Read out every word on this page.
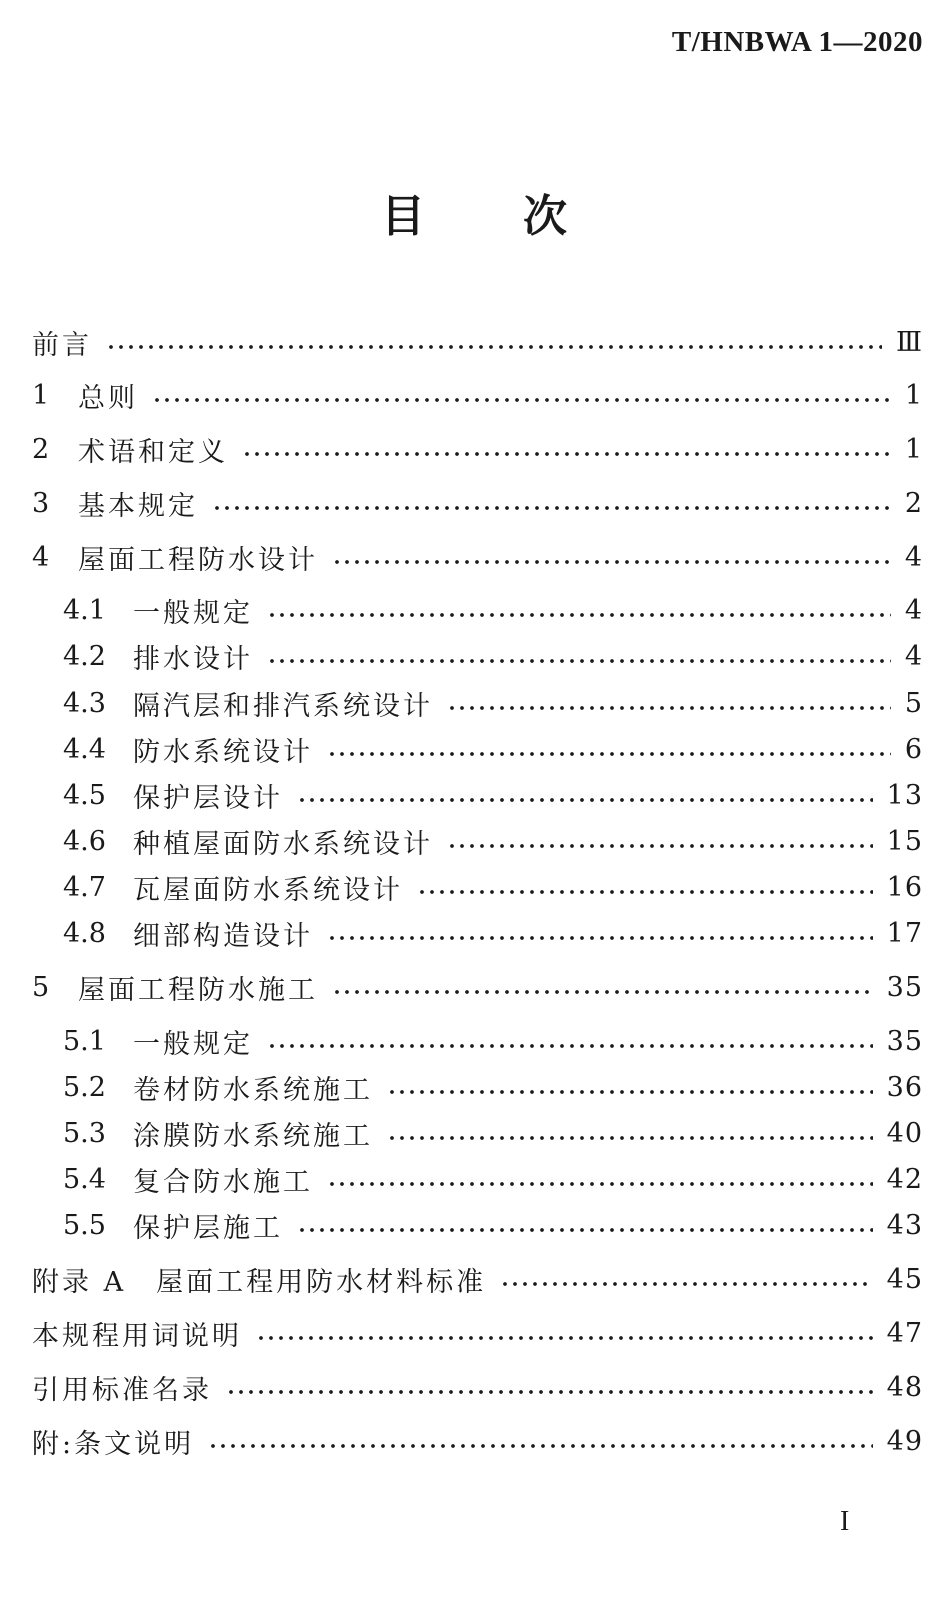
T/HNBWA 1—2020
目 次
前言	Ⅲ
1	总则	1
2	术语和定义	1
3	基本规定	2
4	屋面工程防水设计	4
4.1	一般规定	4
4.2	排水设计	4
4.3	隔汽层和排汽系统设计	5
4.4	防水系统设计	6
4.5	保护层设计	13
4.6	种植屋面防水系统设计	15
4.7	瓦屋面防水系统设计	16
4.8	细部构造设计	17
5	屋面工程防水施工	35
5.1	一般规定	35
5.2	卷材防水系统施工	36
5.3	涂膜防水系统施工	40
5.4	复合防水施工	42
5.5	保护层施工	43
附录 A　屋面工程用防水材料标准	45
本规程用词说明	47
引用标准名录	48
附:条文说明	49
I
